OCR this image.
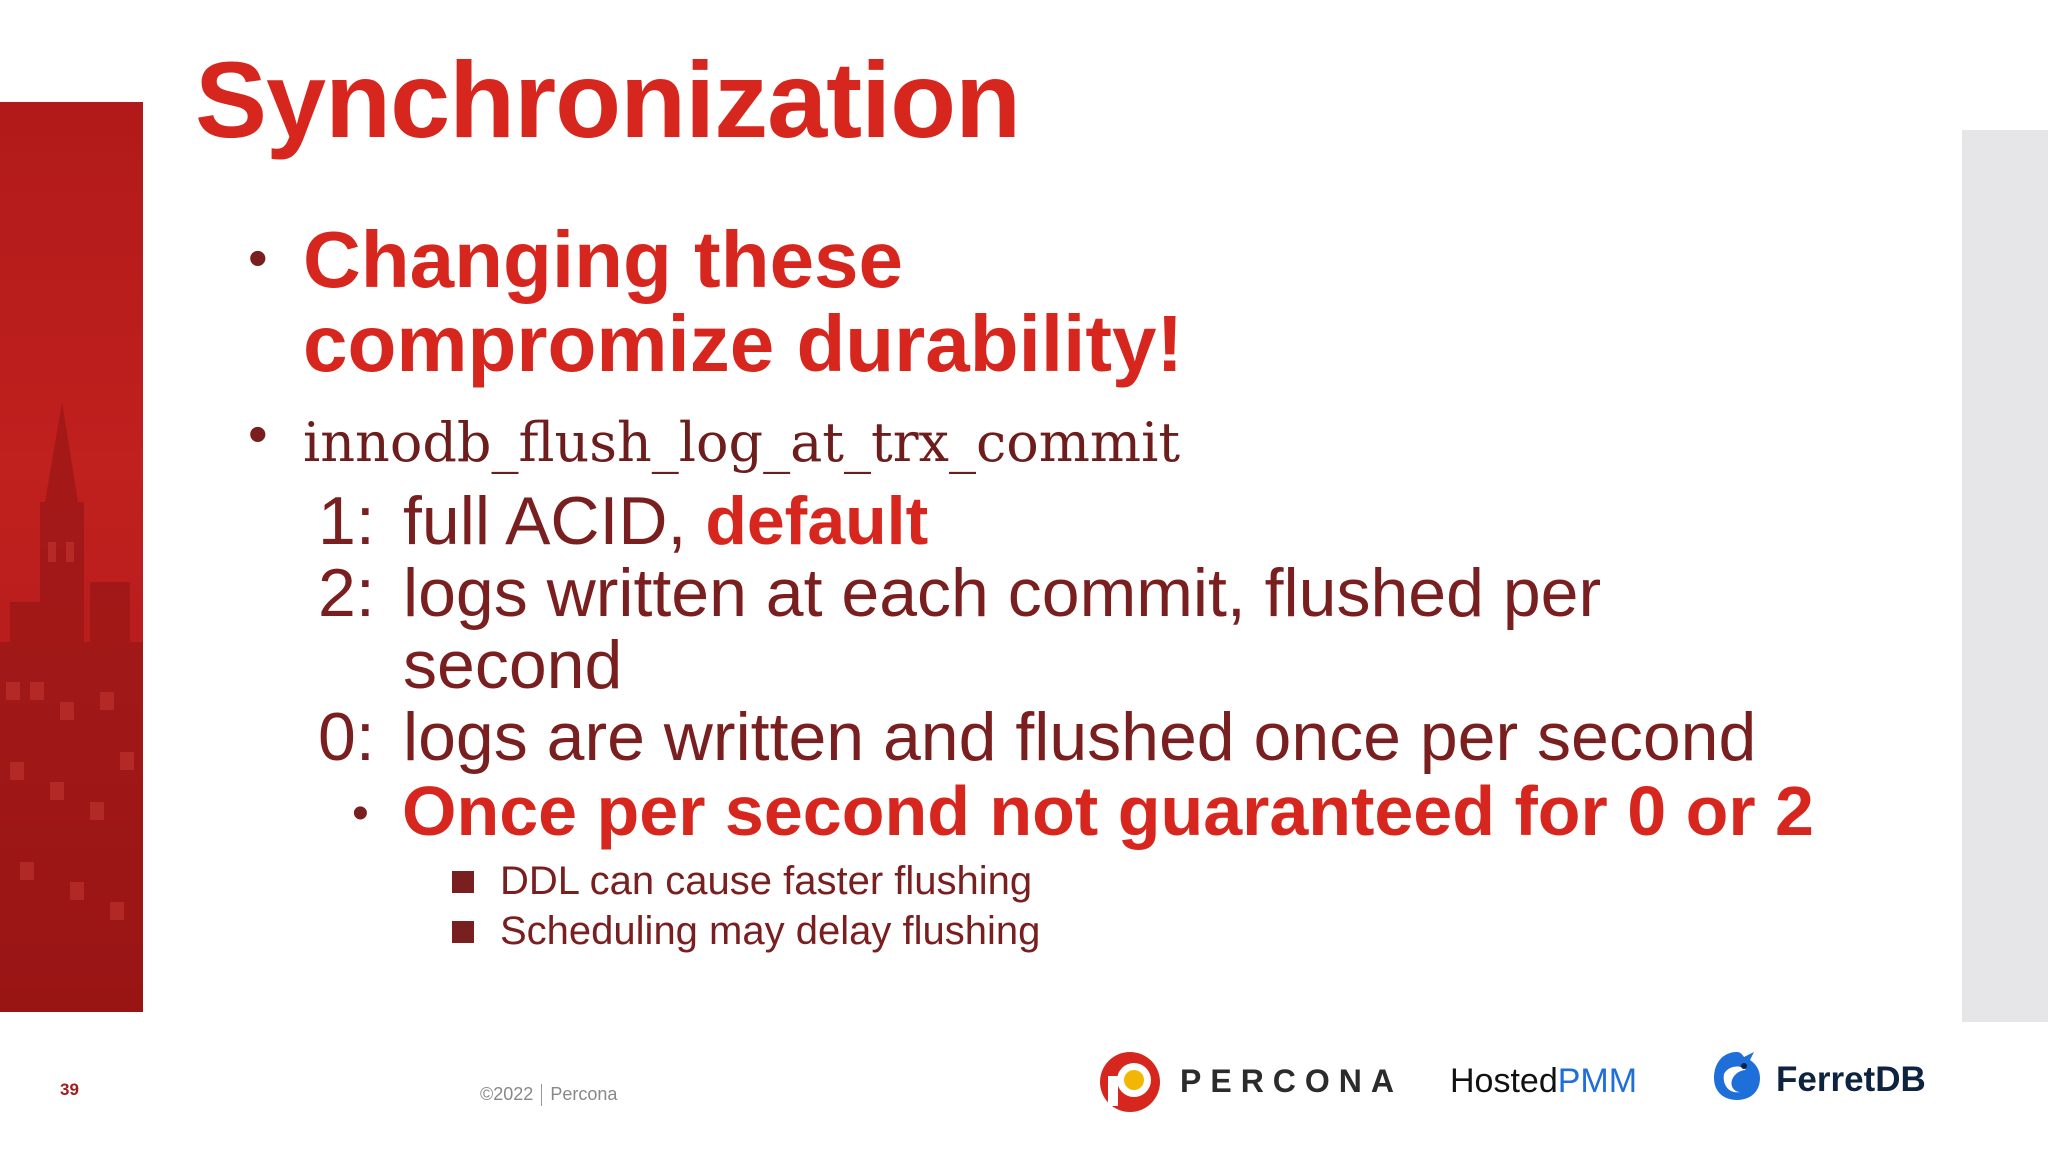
Synchronization
• Changing these
compromize durability!
• innodb_flush_log_at_trx_commit
1: full ACID, default
2: logs written at each commit, flushed per
second
0: logs are written and flushed once per second
• Once per second not guaranteed for 0 or 2
DDL can cause faster flushing
Scheduling may delay flushing
39	©2022 Percona	PERCONA HostedPMM	FerretDB
